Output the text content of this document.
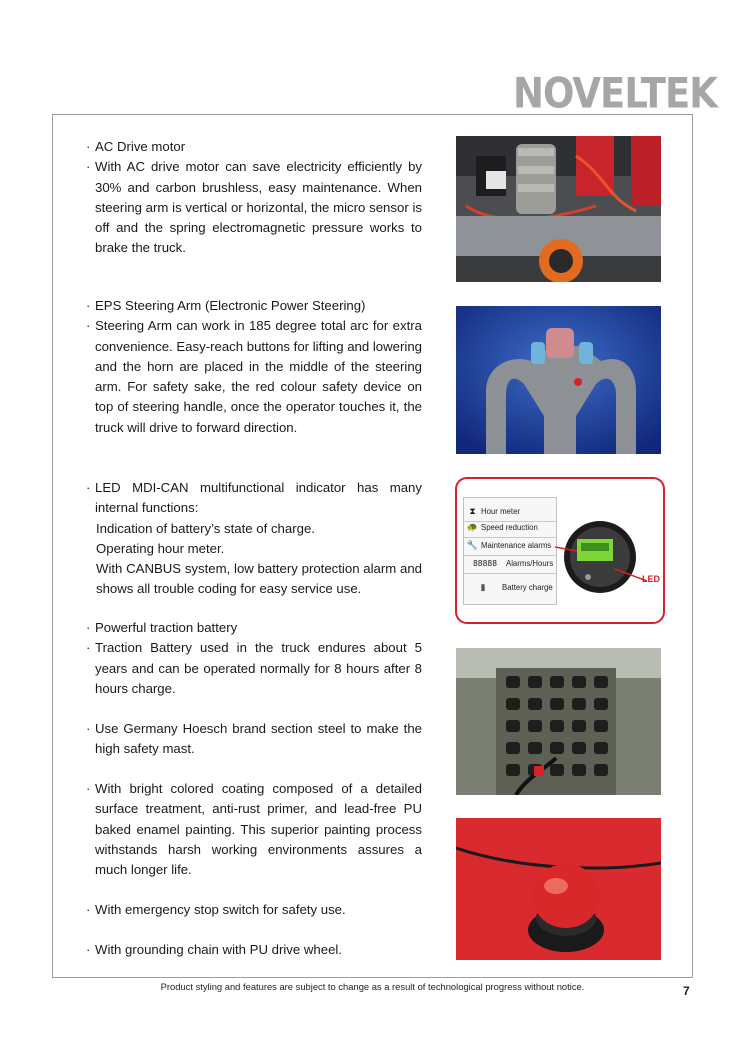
NOVELTEK
· AC Drive motor
· With AC drive motor can save electricity efficiently by 30% and carbon brushless, easy maintenance. When steering arm is vertical or horizontal, the micro sensor is off and the spring electromagnetic pressure works to brake the truck.
· EPS Steering Arm (Electronic Power Steering)
· Steering Arm can work in 185 degree total arc for extra convenience. Easy-reach buttons for lifting and lowering and the horn are placed in the middle of the steering arm. For safety sake, the red colour safety device on top of steering handle, once the operator touches it, the truck will drive to forward direction.
· LED MDI-CAN multifunctional indicator has many internal functions:
Indication of battery’s state of charge.
Operating hour meter.
With CANBUS system, low battery protection alarm and shows all trouble coding for easy service use.
· Powerful traction battery
· Traction Battery used in the truck endures about 5 years and can be operated normally for 8 hours after 8 hours charge.
· Use Germany Hoesch brand section steel to make the high safety mast.
· With bright colored coating composed of a detailed surface treatment, anti-rust primer, and lead-free PU baked enamel painting. This superior painting process withstands harsh working environments assures a much longer life.
· With emergency stop switch for safety use.
· With grounding chain with PU drive wheel.
⧗ Hour meter
🐢 Speed reduction
🔧 Maintenance alarms
88888	Alarms/Hours
▮	Battery charge
LED
Product styling and features are subject to change as a result of technological progress without notice.	7
